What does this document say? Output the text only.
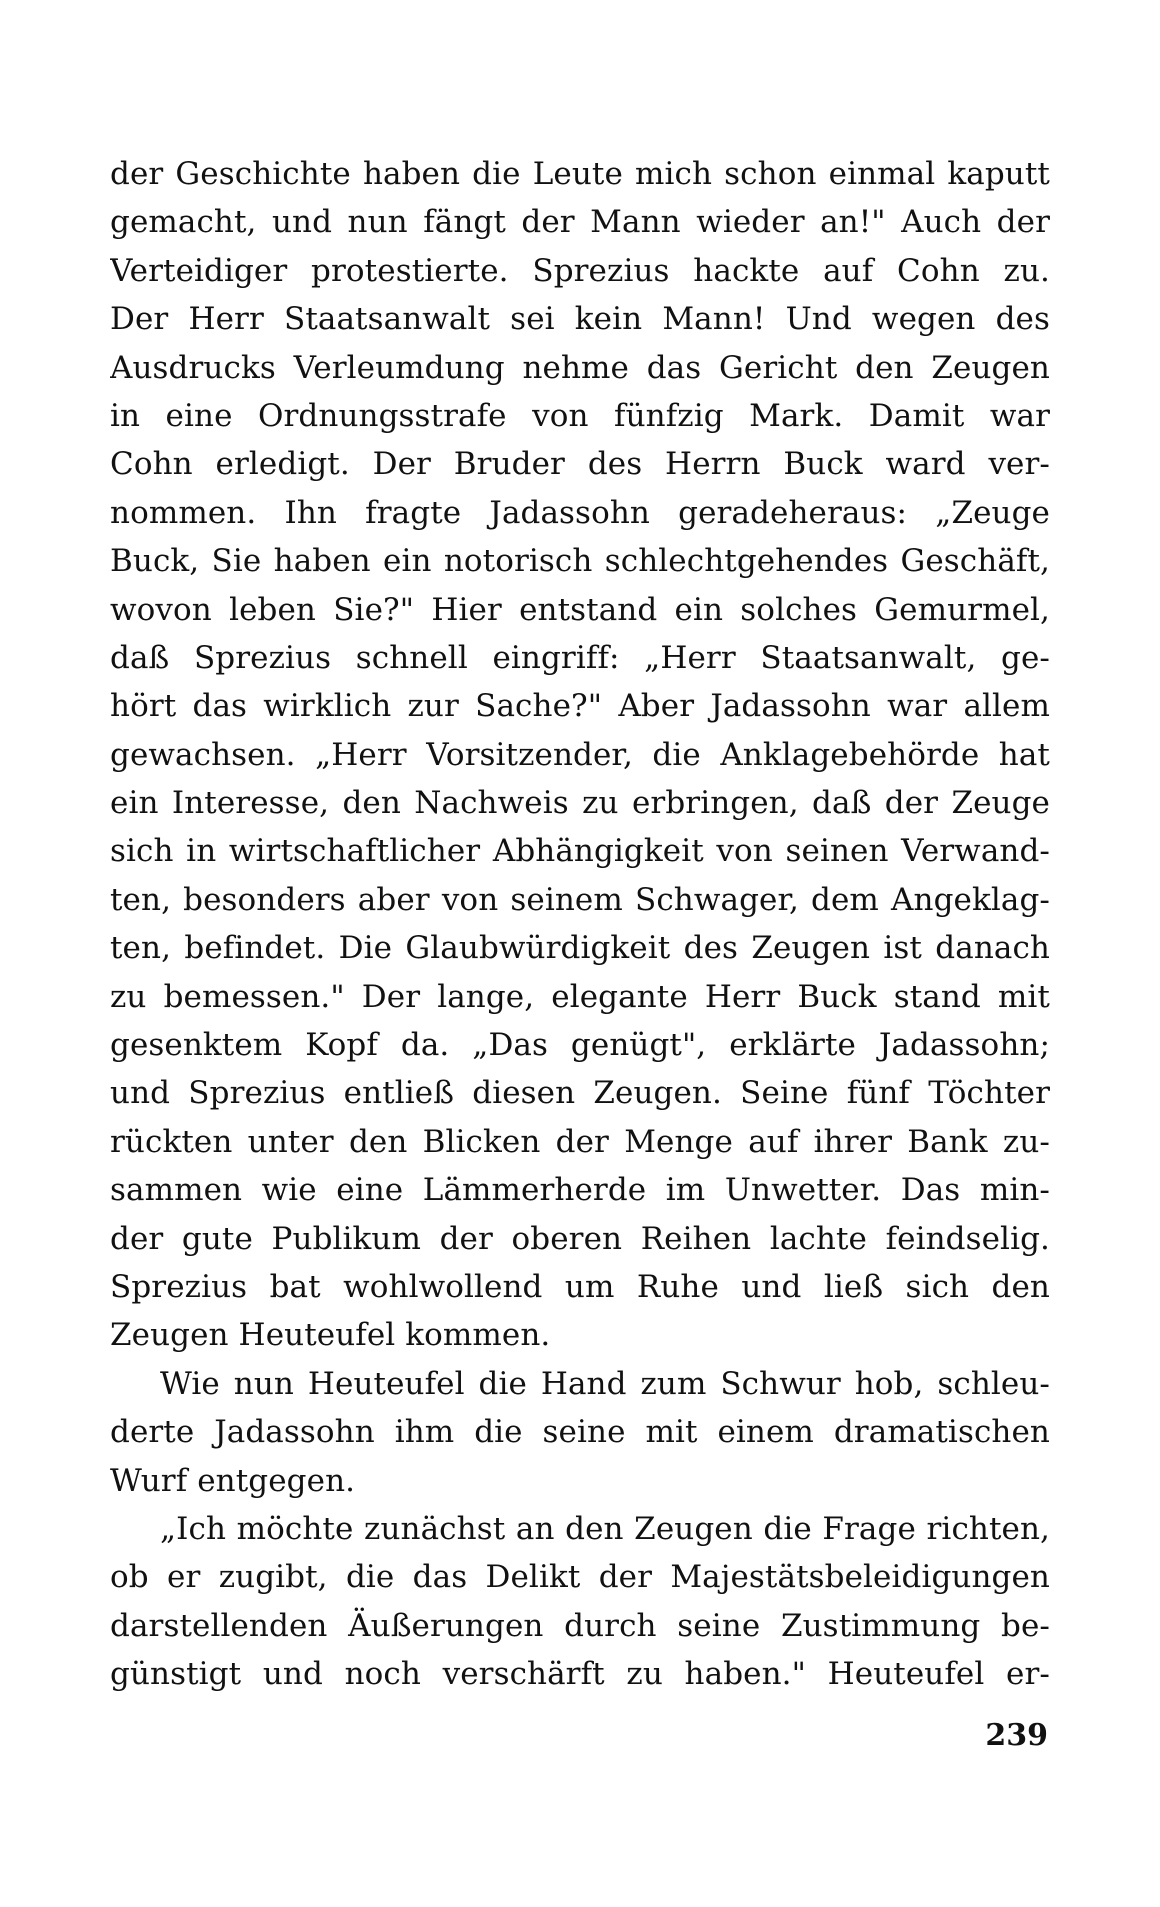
der Geschichte haben die Leute mich schon einmal kaputt
gemacht, und nun fängt der Mann wieder an!" Auch der
Verteidiger protestierte. Sprezius hackte auf Cohn zu.
Der Herr Staatsanwalt sei kein Mann! Und wegen des
Ausdrucks Verleumdung nehme das Gericht den Zeugen
in eine Ordnungsstrafe von fünfzig Mark. Damit war
Cohn erledigt. Der Bruder des Herrn Buck ward ver-
nommen. Ihn fragte Jadassohn geradeheraus: „Zeuge
Buck, Sie haben ein notorisch schlechtgehendes Geschäft,
wovon leben Sie?" Hier entstand ein solches Gemurmel,
daß Sprezius schnell eingriff: „Herr Staatsanwalt, ge-
hört das wirklich zur Sache?" Aber Jadassohn war allem
gewachsen. „Herr Vorsitzender, die Anklagebehörde hat
ein Interesse, den Nachweis zu erbringen, daß der Zeuge
sich in wirtschaftlicher Abhängigkeit von seinen Verwand-
ten, besonders aber von seinem Schwager, dem Angeklag-
ten, befindet. Die Glaubwürdigkeit des Zeugen ist danach
zu bemessen." Der lange, elegante Herr Buck stand mit
gesenktem Kopf da. „Das genügt", erklärte Jadassohn;
und Sprezius entließ diesen Zeugen. Seine fünf Töchter
rückten unter den Blicken der Menge auf ihrer Bank zu-
sammen wie eine Lämmerherde im Unwetter. Das min-
der gute Publikum der oberen Reihen lachte feindselig.
Sprezius bat wohlwollend um Ruhe und ließ sich den
Zeugen Heuteufel kommen.
Wie nun Heuteufel die Hand zum Schwur hob, schleu-
derte Jadassohn ihm die seine mit einem dramatischen
Wurf entgegen.
„Ich möchte zunächst an den Zeugen die Frage richten,
ob er zugibt, die das Delikt der Majestätsbeleidigungen
darstellenden Äußerungen durch seine Zustimmung be-
günstigt und noch verschärft zu haben." Heuteufel er-
239
